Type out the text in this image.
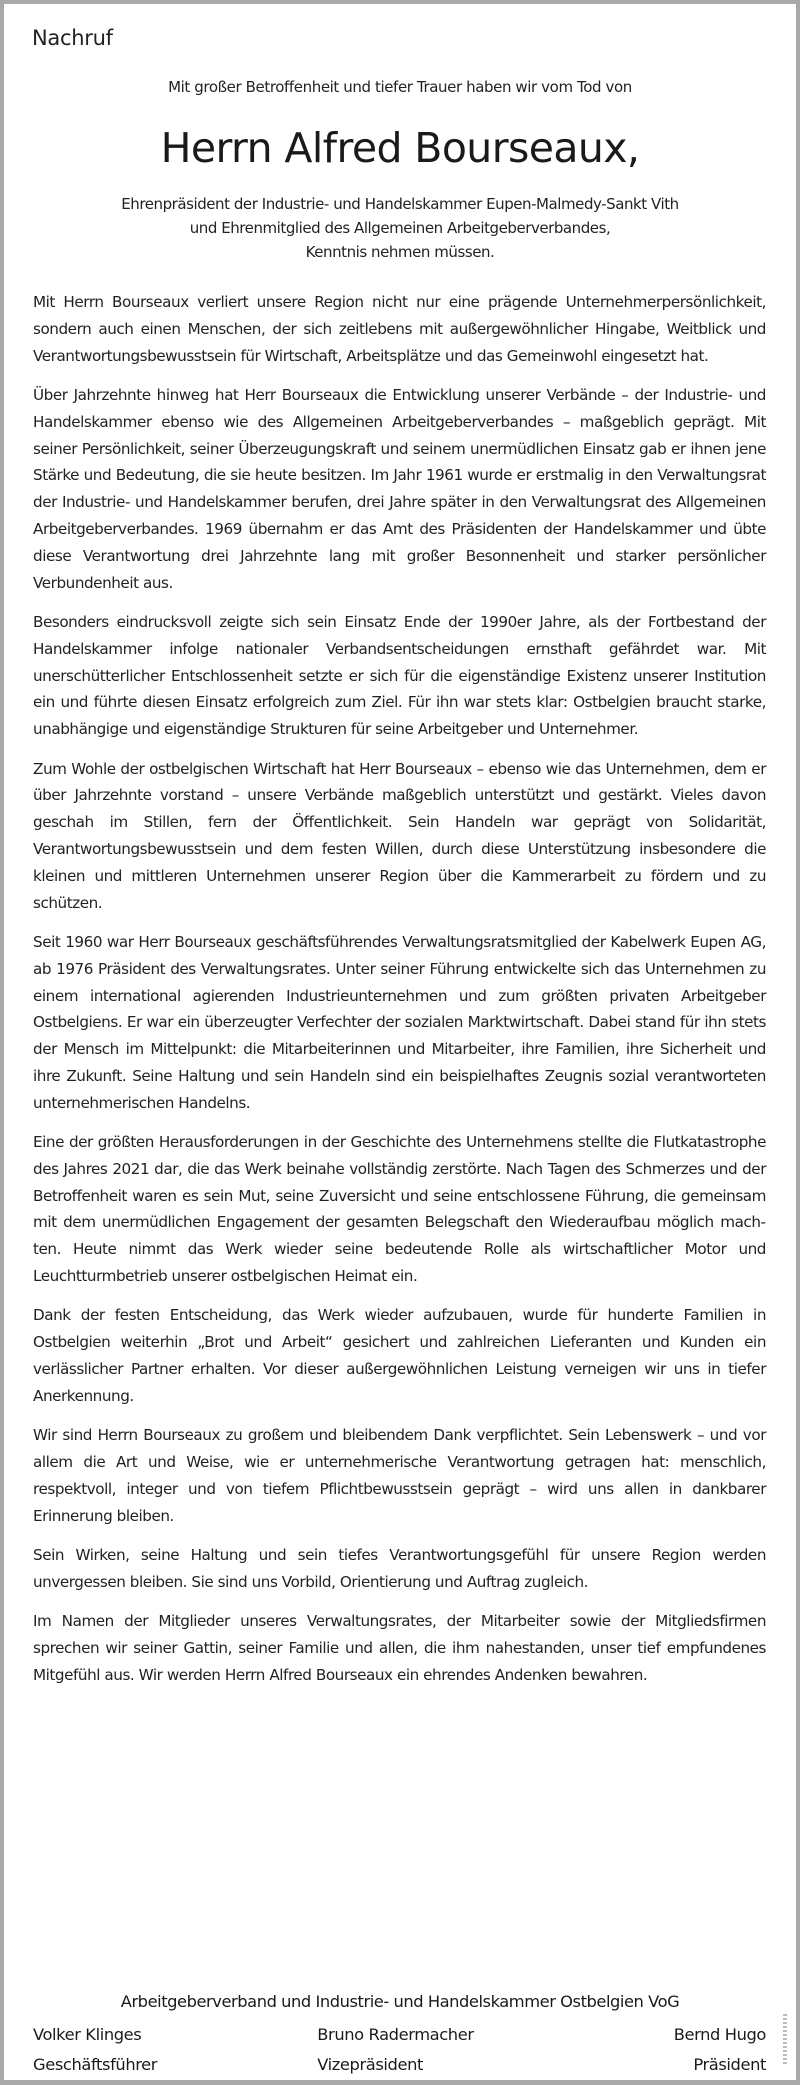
Nachruf
Mit großer Betroffenheit und tiefer Trauer haben wir vom Tod von
Herrn Alfred Bourseaux,
Ehrenpräsident der Industrie- und Handelskammer Eupen-Malmedy-Sankt Vith
und Ehrenmitglied des Allgemeinen Arbeitgeberverbandes,
Kenntnis nehmen müssen.

Mit Herrn Bourseaux verliert unsere Region nicht nur eine prägende Unternehmerpersönlichkeit, sondern auch einen Menschen, der sich zeitlebens mit außergewöhnlicher Hingabe, Weitblick und Verantwortungsbewusstsein für Wirtschaft, Arbeitsplätze und das Gemeinwohl eingesetzt hat.

Über Jahrzehnte hinweg hat Herr Bourseaux die Entwicklung unserer Verbände – der Industrie- und Handelskammer ebenso wie des Allgemeinen Arbeitgeberverbandes – maßgeblich geprägt. Mit seiner Persönlichkeit, seiner Überzeugungskraft und seinem unermüdlichen Einsatz gab er ihnen jene Stärke und Bedeutung, die sie heute besitzen. Im Jahr 1961 wurde er erstmalig in den Verwaltungsrat der Industrie- und Handelskammer berufen, drei Jahre später in den Verwaltungsrat des Allgemeinen Arbeitgeberverbandes. 1969 übernahm er das Amt des Präsidenten der Handelskammer und übte diese Verantwortung drei Jahrzehnte lang mit großer Besonnenheit und starker persönlicher Verbundenheit aus.

Besonders eindrucksvoll zeigte sich sein Einsatz Ende der 1990er Jahre, als der Fortbestand der Handelskammer infolge nationaler Verbandsentscheidungen ernsthaft gefährdet war. Mit unerschütterlicher Entschlossenheit setzte er sich für die eigenständige Existenz unserer Institution ein und führte diesen Einsatz erfolgreich zum Ziel. Für ihn war stets klar: Ostbelgien braucht starke, unabhängige und eigenständige Strukturen für seine Arbeitgeber und Unternehmer.

Zum Wohle der ostbelgischen Wirtschaft hat Herr Bourseaux – ebenso wie das Unternehmen, dem er über Jahrzehnte vorstand – unsere Verbände maßgeblich unterstützt und gestärkt. Vieles davon geschah im Stillen, fern der Öffentlichkeit. Sein Handeln war geprägt von Solidarität, Verantwortungsbewusstsein und dem festen Willen, durch diese Unterstützung insbesondere die kleinen und mittleren Unternehmen unserer Region über die Kammerarbeit zu fördern und zu schützen.

Seit 1960 war Herr Bourseaux geschäftsführendes Verwaltungsratsmitglied der Kabelwerk Eupen AG, ab 1976 Präsident des Verwaltungsrates. Unter seiner Führung entwickelte sich das Unternehmen zu einem international agierenden Industrieunternehmen und zum größten privaten Arbeitgeber Ostbelgiens. Er war ein überzeugter Verfechter der sozialen Marktwirtschaft. Dabei stand für ihn stets der Mensch im Mittelpunkt: die Mitarbeiterinnen und Mitarbeiter, ihre Familien, ihre Sicherheit und ihre Zukunft. Seine Haltung und sein Handeln sind ein beispielhaftes Zeugnis sozial verantworteten unternehmerischen Handelns.

Eine der größten Herausforderungen in der Geschichte des Unternehmens stellte die Flutkatastrophe des Jahres 2021 dar, die das Werk beinahe vollständig zerstörte. Nach Tagen des Schmerzes und der Betroffenheit waren es sein Mut, seine Zuversicht und seine entschlossene Führung, die gemeinsam mit dem unermüdlichen Engagement der gesamten Belegschaft den Wiederaufbau möglich machten. Heute nimmt das Werk wieder seine bedeutende Rolle als wirtschaftlicher Motor und Leuchtturmbetrieb unserer ostbelgischen Heimat ein.

Dank der festen Entscheidung, das Werk wieder aufzubauen, wurde für hunderte Familien in Ostbelgien weiterhin „Brot und Arbeit“ gesichert und zahlreichen Lieferanten und Kunden ein verlässlicher Partner erhalten. Vor dieser außergewöhnlichen Leistung verneigen wir uns in tiefer Anerkennung.

Wir sind Herrn Bourseaux zu großem und bleibendem Dank verpflichtet. Sein Lebenswerk – und vor allem die Art und Weise, wie er unternehmerische Verantwortung getragen hat: menschlich, respektvoll, integer und von tiefem Pflichtbewusstsein geprägt – wird uns allen in dankbarer Erinnerung bleiben.

Sein Wirken, seine Haltung und sein tiefes Verantwortungsgefühl für unsere Region werden unvergessen bleiben. Sie sind uns Vorbild, Orientierung und Auftrag zugleich.

Im Namen der Mitglieder unseres Verwaltungsrates, der Mitarbeiter sowie der Mitgliedsfirmen sprechen wir seiner Gattin, seiner Familie und allen, die ihm nahestanden, unser tief empfundenes Mitgefühl aus. Wir werden Herrn Alfred Bourseaux ein ehrendes Andenken bewahren.

Arbeitgeberverband und Industrie- und Handelskammer Ostbelgien VoG
Volker Klinges
Geschäftsführer
Bruno Radermacher
Vizepräsident
Bernd Hugo
Präsident
